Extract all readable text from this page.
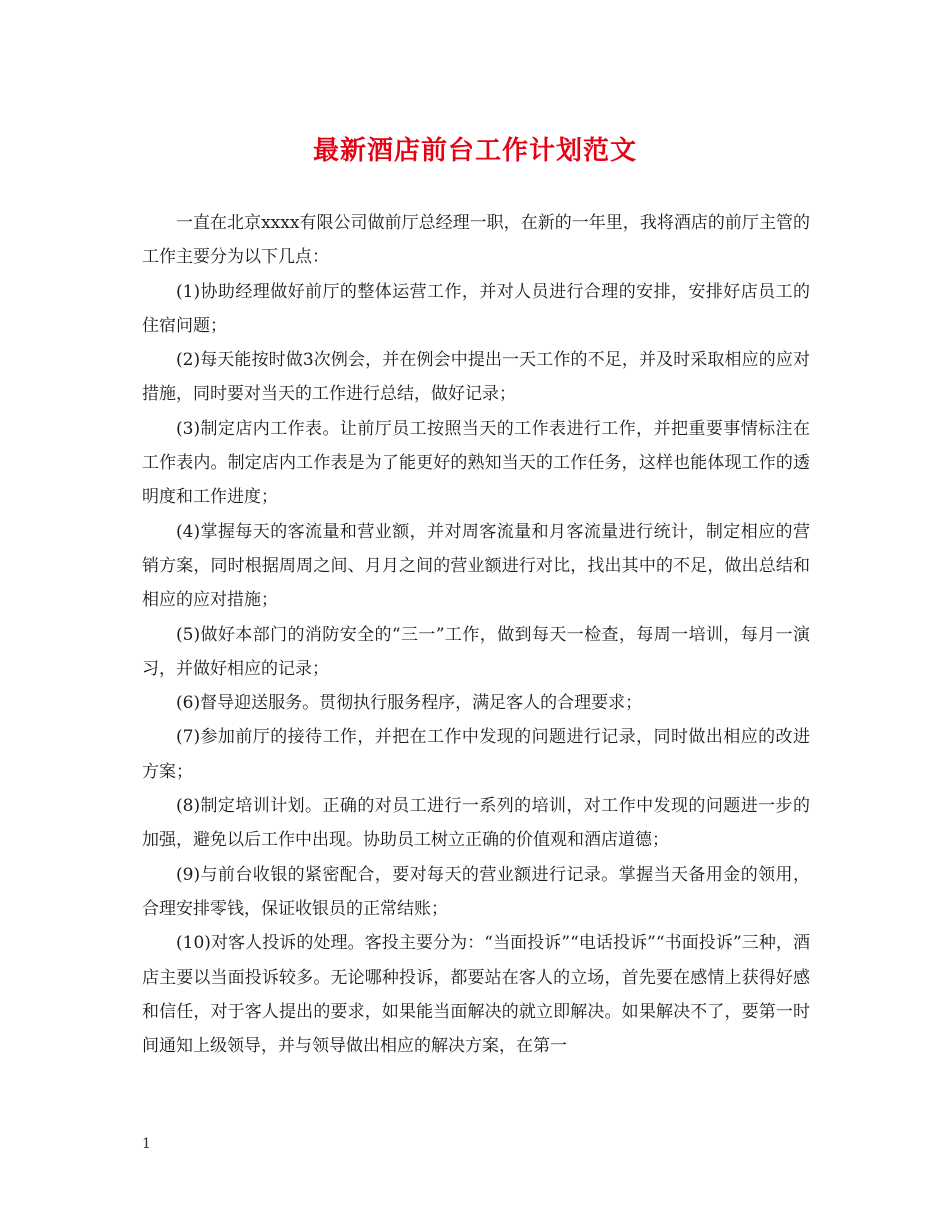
最新酒店前台工作计划范文

一直在北京xxxx有限公司做前厅总经理一职，在新的一年里，我将酒店的前厅主管的工作主要分为以下几点：

(1)协助经理做好前厅的整体运营工作，并对人员进行合理的安排，安排好店员工的住宿问题；

(2)每天能按时做3次例会，并在例会中提出一天工作的不足，并及时采取相应的应对措施，同时要对当天的工作进行总结，做好记录；

(3)制定店内工作表。让前厅员工按照当天的工作表进行工作，并把重要事情标注在工作表内。制定店内工作表是为了能更好的熟知当天的工作任务，这样也能体现工作的透明度和工作进度；

(4)掌握每天的客流量和营业额，并对周客流量和月客流量进行统计，制定相应的营销方案，同时根据周周之间、月月之间的营业额进行对比，找出其中的不足，做出总结和相应的应对措施；

(5)做好本部门的消防安全的“三一”工作，做到每天一检查，每周一培训，每月一演习，并做好相应的记录；

(6)督导迎送服务。贯彻执行服务程序，满足客人的合理要求；

(7)参加前厅的接待工作，并把在工作中发现的问题进行记录，同时做出相应的改进方案；

(8)制定培训计划。正确的对员工进行一系列的培训，对工作中发现的问题进一步的加强，避免以后工作中出现。协助员工树立正确的价值观和酒店道德；

(9)与前台收银的紧密配合，要对每天的营业额进行记录。掌握当天备用金的领用，合理安排零钱，保证收银员的正常结账；

(10)对客人投诉的处理。客投主要分为：“当面投诉”“电话投诉”“书面投诉”三种，酒店主要以当面投诉较多。无论哪种投诉，都要站在客人的立场，首先要在感情上获得好感和信任，对于客人提出的要求，如果能当面解决的就立即解决。如果解决不了，要第一时间通知上级领导，并与领导做出相应的解决方案，在第一

1
